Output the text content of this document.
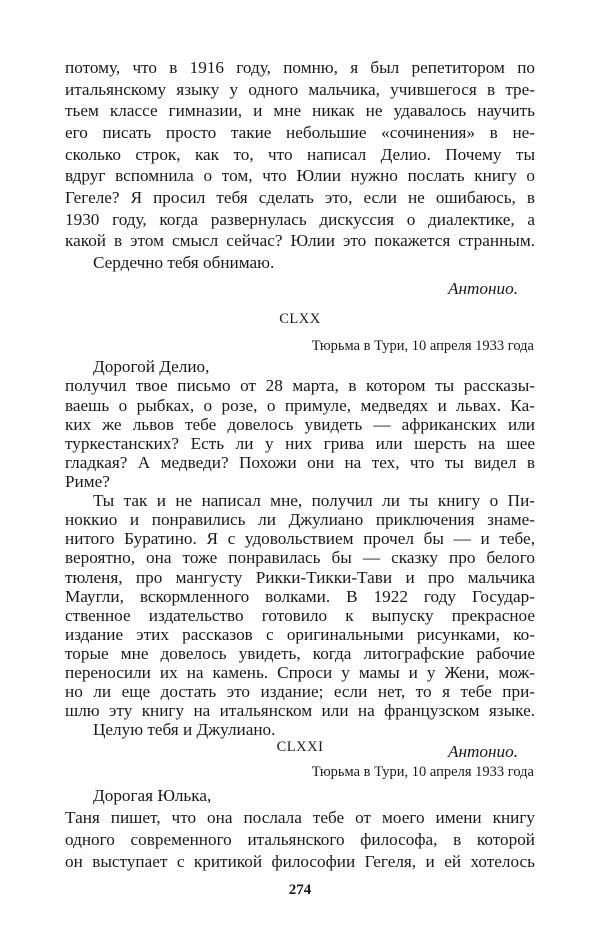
потому, что в 1916 году, помню, я был репетитором по
итальянскому языку у одного мальчика, учившегося в тре-
тьем классе гимназии, и мне никак не удавалось научить
его писать просто такие небольшие «сочинения» в не-
сколько строк, как то, что написал Делио. Почему ты
вдруг вспомнила о том, что Юлии нужно послать книгу о
Гегеле? Я просил тебя сделать это, если не ошибаюсь, в
1930 году, когда развернулась дискуссия о диалектике, а
какой в этом смысл сейчас? Юлии это покажется странным.
Сердечно тебя обнимаю.
Антонио.
CLXX
Тюрьма в Тури, 10 апреля 1933 года
Дорогой Делио,
получил твое письмо от 28 марта, в котором ты рассказы-
ваешь о рыбках, о розе, о примуле, медведях и львах. Ка-
ких же львов тебе довелось увидеть — африканских или
туркестанских? Есть ли у них грива или шерсть на шее
гладкая? А медведи? Похожи они на тех, что ты видел в
Риме?
Ты так и не написал мне, получил ли ты книгу о Пи-
ноккио и понравились ли Джулиано приключения знаме-
нитого Буратино. Я с удовольствием прочел бы — и тебе,
вероятно, она тоже понравилась бы — сказку про белого
тюленя, про мангусту Рикки-Тикки-Тави и про мальчика
Маугли, вскормленного волками. В 1922 году Государ-
ственное издательство готовило к выпуску прекрасное
издание этих рассказов с оригинальными рисунками, ко-
торые мне довелось увидеть, когда литографские рабочие
переносили их на камень. Спроси у мамы и у Жени, мож-
но ли еще достать это издание; если нет, то я тебе при-
шлю эту книгу на итальянском или на французском языке.
Целую тебя и Джулиано.
Антонио.
CLXXI
Тюрьма в Тури, 10 апреля 1933 года
Дорогая Юлька,
Таня пишет, что она послала тебе от моего имени книгу
одного современного итальянского философа, в которой
он выступает с критикой философии Гегеля, и ей хотелось
274
